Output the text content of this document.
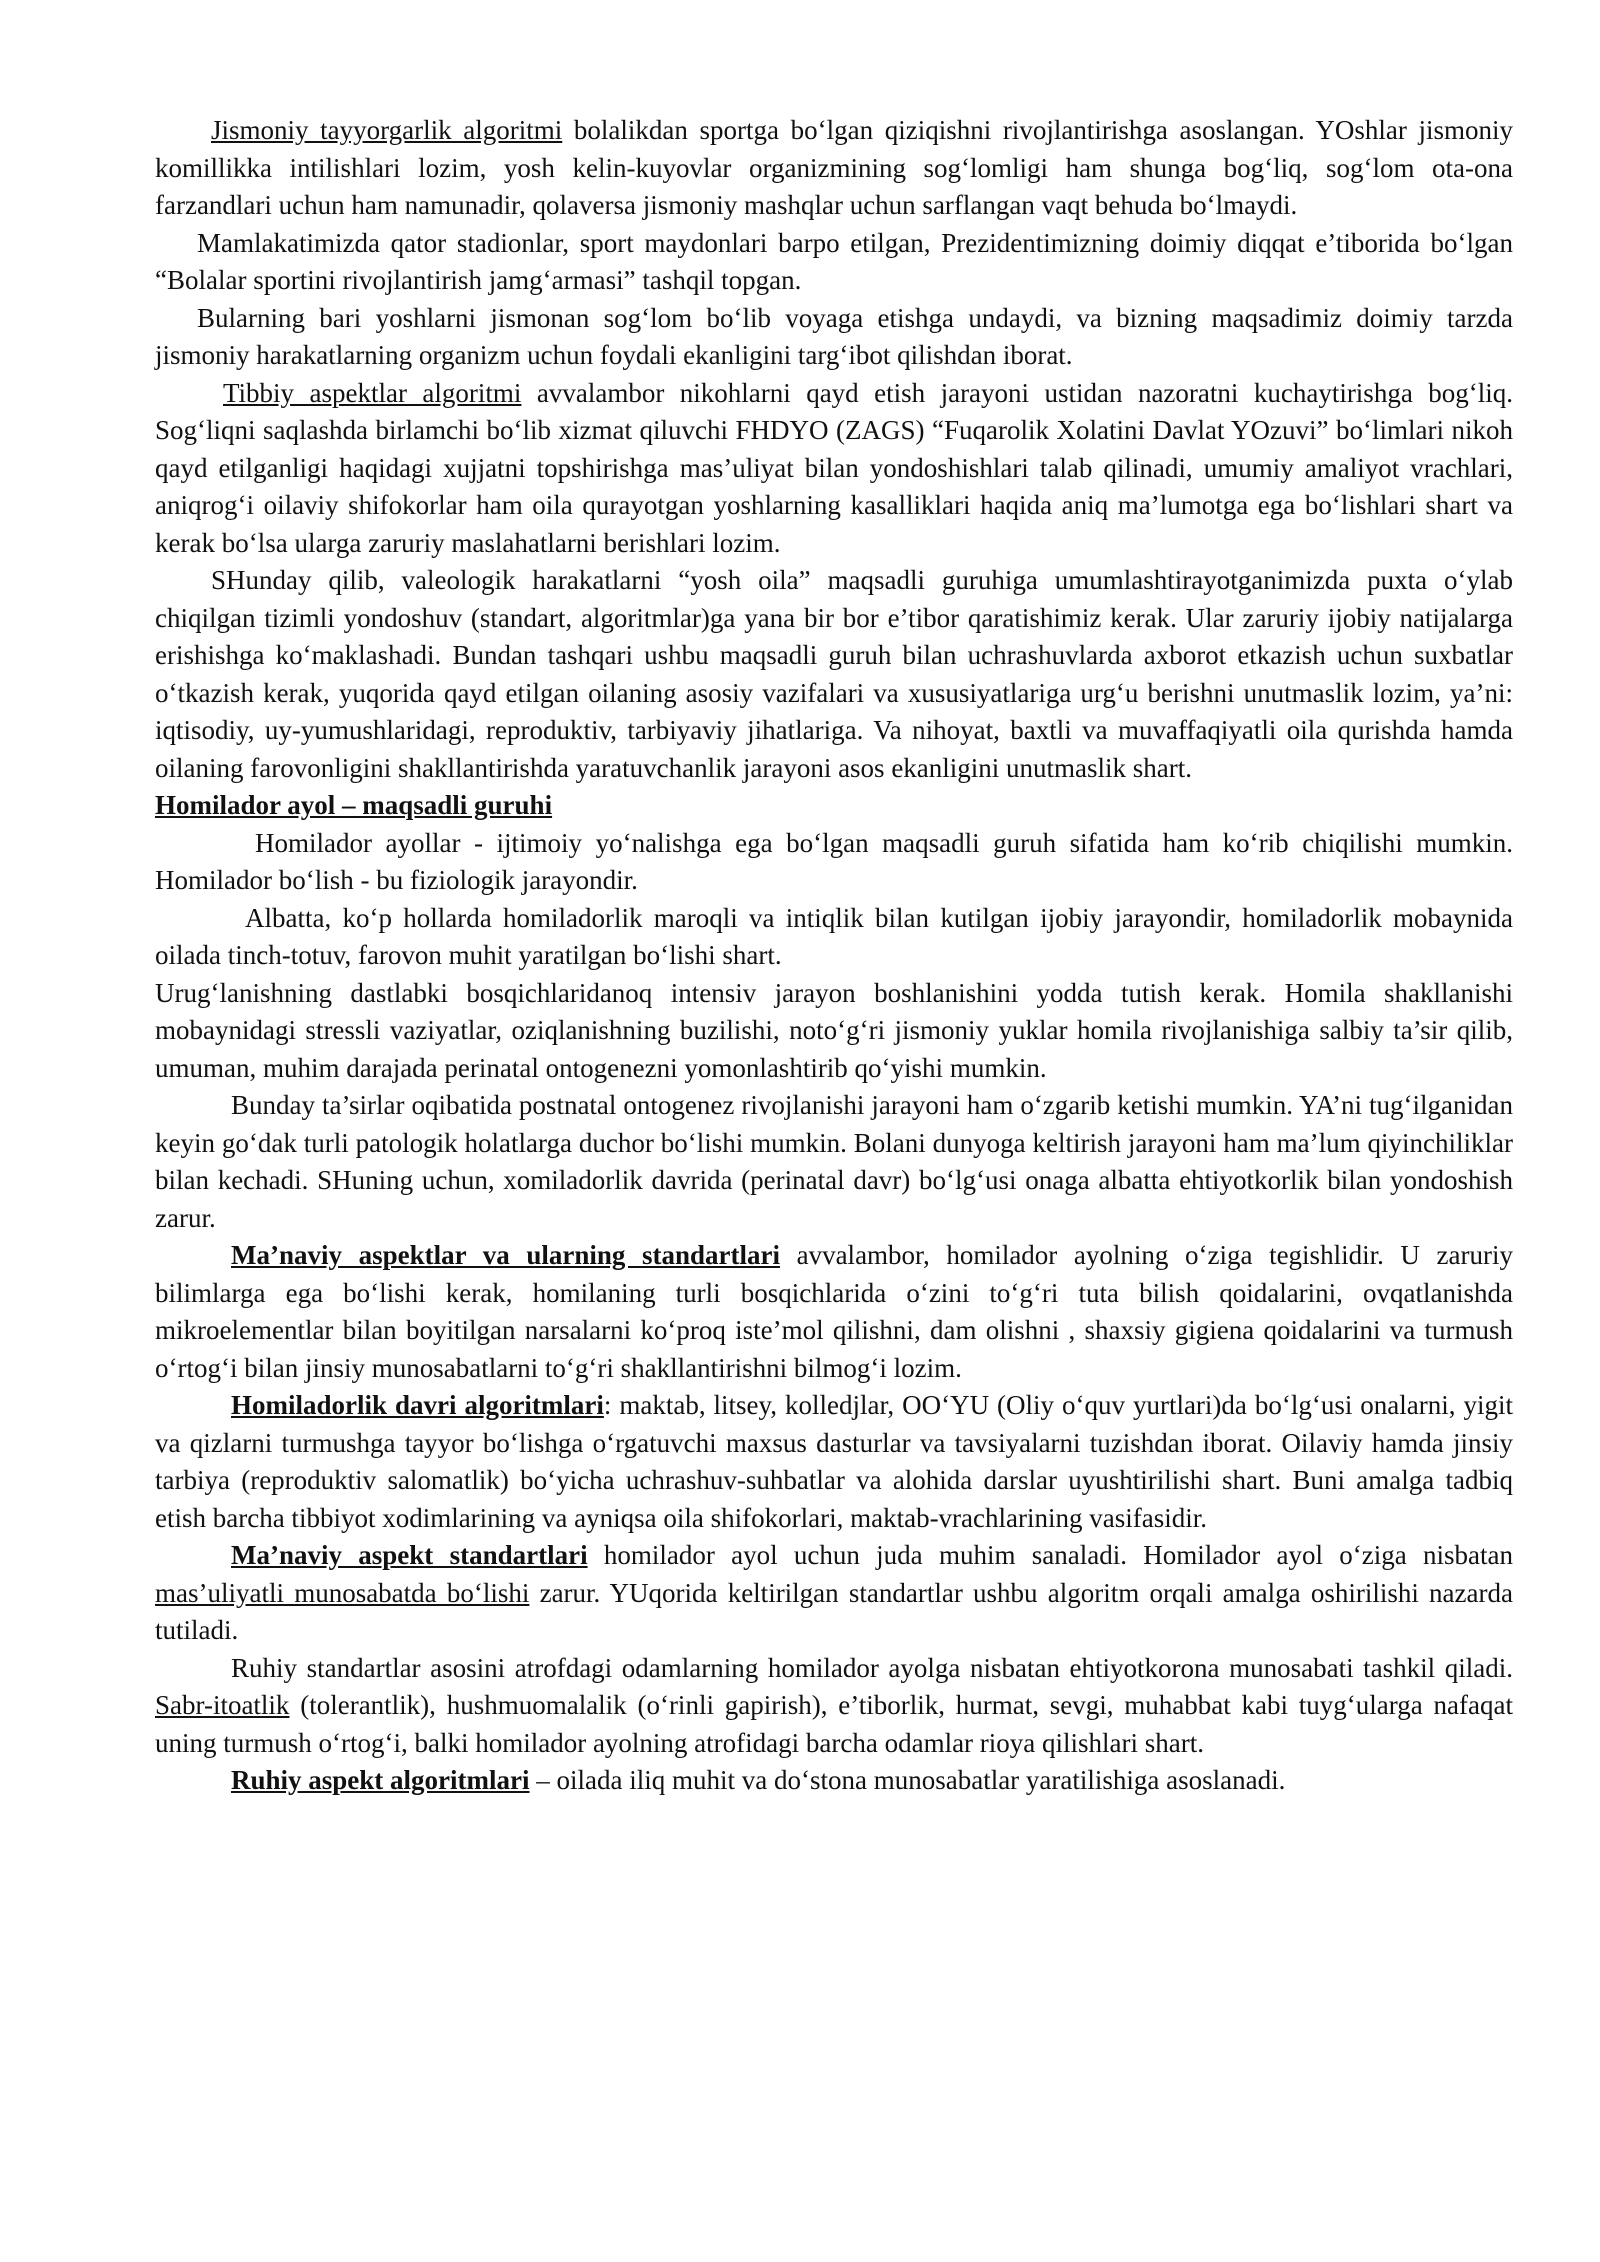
Jismoniy tayyorgarlik algoritmi bolalikdan sportga bo‘lgan qiziqishni rivojlantirishga asoslangan. YOshlar jismoniy komillikka intilishlari lozim, yosh kelin-kuyovlar organizmining sog‘lomligi ham shunga bog‘liq, sog‘lom ota-ona farzandlari uchun ham namunadir, qolaversa jismoniy mashqlar uchun sarflangan vaqt behuda bo‘lmaydi.

Mamlakatimizda qator stadionlar, sport maydonlari barpo etilgan, Prezidentimizning doimiy diqqat e’tiborida bo‘lgan “Bolalar sportini rivojlantirish jamg‘armasi” tashqil topgan.

Bularning bari yoshlarni jismonan sog‘lom bo‘lib voyaga etishga undaydi, va bizning maqsadimiz doimiy tarzda jismoniy harakatlarning organizm uchun foydali ekanligini targ‘ibot qilishdan iborat.

Tibbiy aspektlar algoritmi avvalambor nikohlarni qayd etish jarayoni ustidan nazoratni kuchaytirishga bog‘liq. Sog‘liqni saqlashda birlamchi bo‘lib xizmat qiluvchi FHDYO (ZAGS) “Fuqarolik Xolatini Davlat YOzuvi” bo‘limlari nikoh qayd etilganligi haqidagi xujjatni topshirishga mas’uliyat bilan yondoshishlari talab qilinadi, umumiy amaliyot vrachlari, aniqrog‘i oilaviy shifokorlar ham oila qurayotgan yoshlarning kasalliklari haqida aniq ma’lumotga ega bo‘lishlari shart va kerak bo‘lsa ularga zaruriy maslahatlarni berishlari lozim.

SHunday qilib, valeologik harakatlarni “yosh oila” maqsadli guruhiga umumlashtirayotganimizda puxta o‘ylab chiqilgan tizimli yondoshuv (standart, algoritmlar)ga yana bir bor e’tibor qaratishimiz kerak. Ular zaruriy ijobiy natijalarga erishishga ko‘maklashadi. Bundan tashqari ushbu maqsadli guruh bilan uchrashuvlarda axborot etkazish uchun suxbatlar o‘tkazish kerak, yuqorida qayd etilgan oilaning asosiy vazifalari va xususiyatlariga urg‘u berishni unutmaslik lozim, ya’ni: iqtisodiy, uy-yumushlaridagi, reproduktiv, tarbiyaviy jihatlariga. Va nihoyat, baxtli va muvaffaqiyatli oila qurishda hamda oilaning farovonligini shakllantirishda yaratuvchanlik jarayoni asos ekanligini unutmaslik shart.

Homilador ayol – maqsadli guruhi

Homilador ayollar - ijtimoiy yo‘nalishga ega bo‘lgan maqsadli guruh sifatida ham ko‘rib chiqilishi mumkin. Homilador bo‘lish - bu fiziologik jarayondir.

Albatta, ko‘p hollarda homiladorlik maroqli va intiqlik bilan kutilgan ijobiy jarayondir, homiladorlik mobaynida oilada tinch-totuv, farovon muhit yaratilgan bo‘lishi shart.

Urug‘lanishning dastlabki bosqichlaridanoq intensiv jarayon boshlanishini yodda tutish kerak. Homila shakllanishi mobaynidagi stressli vaziyatlar, oziqlanishning buzilishi, noto‘g‘ri jismoniy yuklar homila rivojlanishiga salbiy ta’sir qilib, umuman, muhim darajada perinatal ontogenezni yomonlashtirib qo‘yishi mumkin.

Bunday ta’sirlar oqibatida postnatal ontogenez rivojlanishi jarayoni ham o‘zgarib ketishi mumkin. YA’ni tug‘ilganidan keyin go‘dak turli patologik holatlarga duchor bo‘lishi mumkin. Bolani dunyoga keltirish jarayoni ham ma’lum qiyinchiliklar bilan kechadi. SHuning uchun, xomiladorlik davrida (perinatal davr) bo‘lg‘usi onaga albatta ehtiyotkorlik bilan yondoshish zarur.

Ma’naviy aspektlar va ularning standartlari avvalambor, homilador ayolning o‘ziga tegishlidir. U zaruriy bilimlarga ega bo‘lishi kerak, homilaning turli bosqichlarida o‘zini to‘g‘ri tuta bilish qoidalarini, ovqatlanishda mikroelementlar bilan boyitilgan narsalarni ko‘proq iste’mol qilishni, dam olishni , shaxsiy gigiena qoidalarini va turmush o‘rtog‘i bilan jinsiy munosabatlarni to‘g‘ri shakllantirishni bilmog‘i lozim.

Homiladorlik davri algoritmlari: maktab, litsey, kolledjlar, OO‘YU (Oliy o‘quv yurtlari)da bo‘lg‘usi onalarni, yigit va qizlarni turmushga tayyor bo‘lishga o‘rgatuvchi maxsus dasturlar va tavsiyalarni tuzishdan iborat. Oilaviy hamda jinsiy tarbiya (reproduktiv salomatlik) bo‘yicha uchrashuv-suhbatlar va alohida darslar uyushtirilishi shart. Buni amalga tadbiq etish barcha tibbiyot xodimlarining va ayniqsa oila shifokorlari, maktab-vrachlarining vasifasidir.

Ma’naviy aspekt standartlari homilador ayol uchun juda muhim sanaladi. Homilador ayol o‘ziga nisbatan mas’uliyatli munosabatda bo‘lishi zarur. YUqorida keltirilgan standartlar ushbu algoritm orqali amalga oshirilishi nazarda tutiladi.

Ruhiy standartlar asosini atrofdagi odamlarning homilador ayolga nisbatan ehtiyotkorona munosabati tashkil qiladi. Sabr-itoatlik (tolerantlik), hushmuomalalik (o‘rinli gapirish), e’tiborlik, hurmat, sevgi, muhabbat kabi tuyg‘ularga nafaqat uning turmush o‘rtog‘i, balki homilador ayolning atrofidagi barcha odamlar rioya qilishlari shart.

Ruhiy aspekt algoritmlari – oilada iliq muhit va do‘stona munosabatlar yaratilishiga asoslanadi.
